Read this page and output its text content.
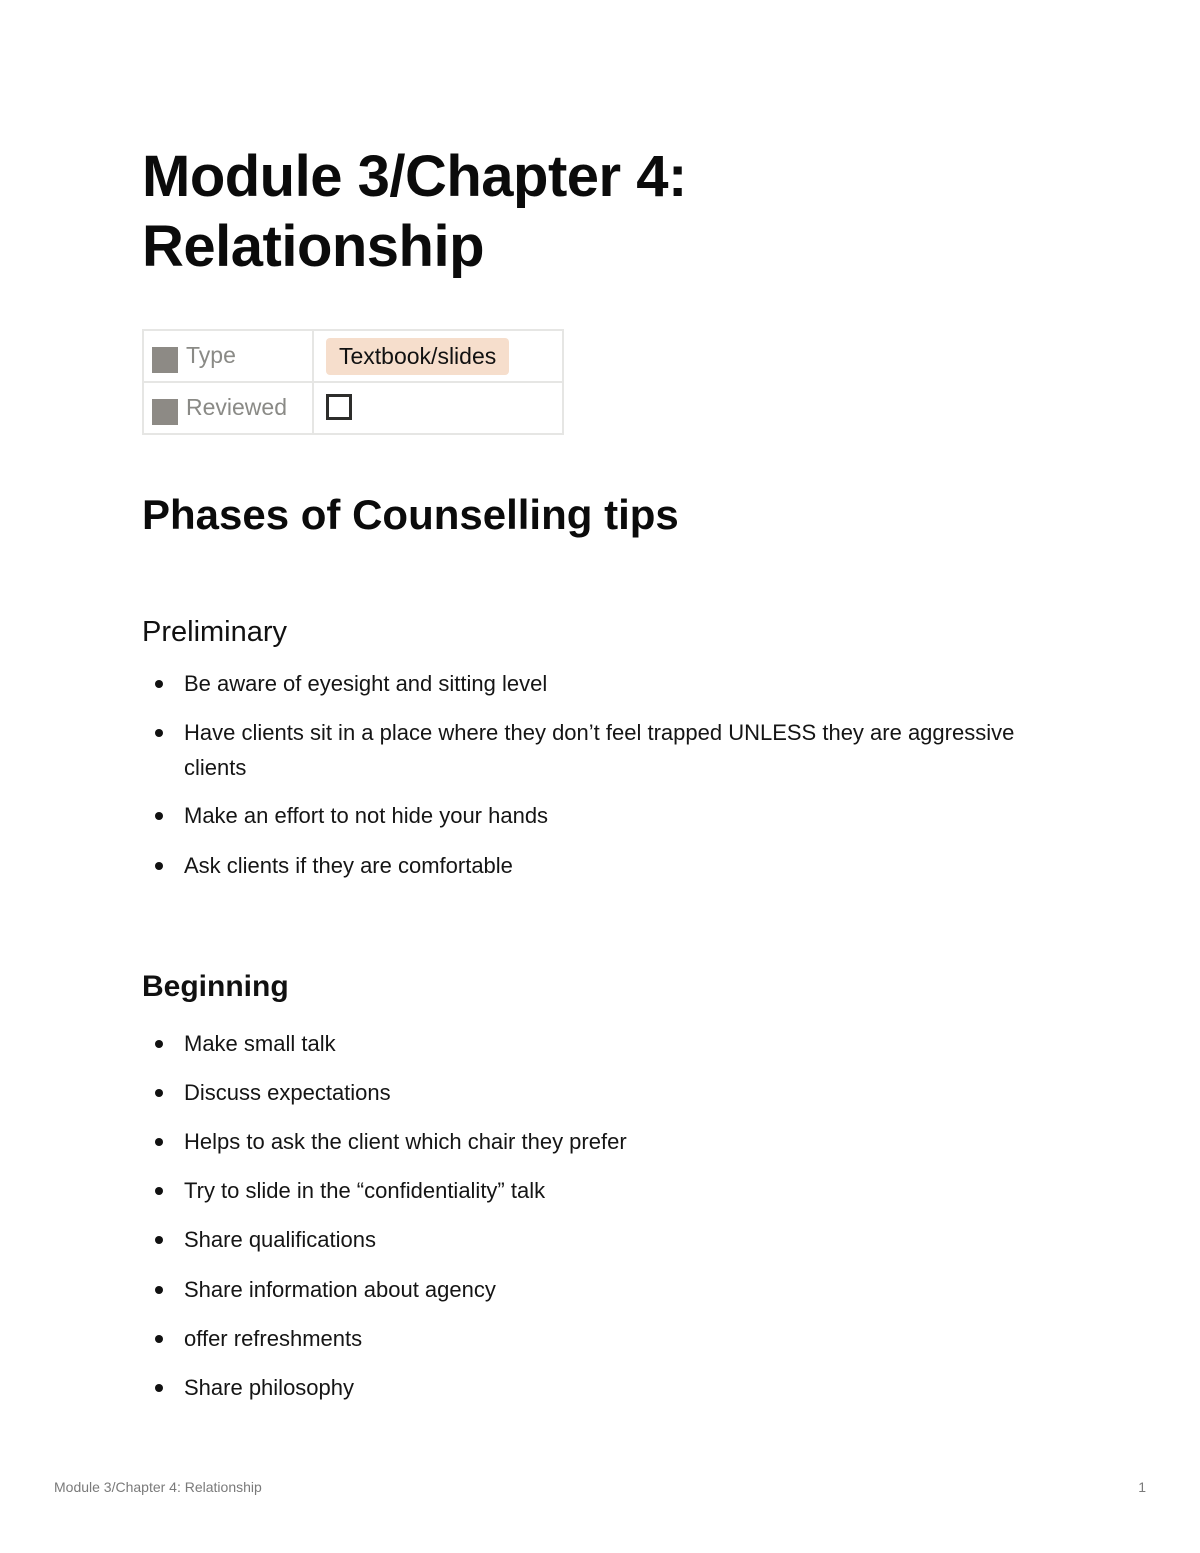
Module 3/Chapter 4:
Relationship
Type	Textbook/slides
Reviewed	
Phases of Counselling tips
Preliminary
Be aware of eyesight and sitting level
Have clients sit in a place where they don’t feel trapped UNLESS they are aggressive clients
Make an effort to not hide your hands
Ask clients if they are comfortable
Beginning
Make small talk
Discuss expectations
Helps to ask the client which chair they prefer
Try to slide in the “confidentiality” talk
Share qualifications
Share information about agency
offer refreshments
Share philosophy
Module 3/Chapter 4: Relationship	1
